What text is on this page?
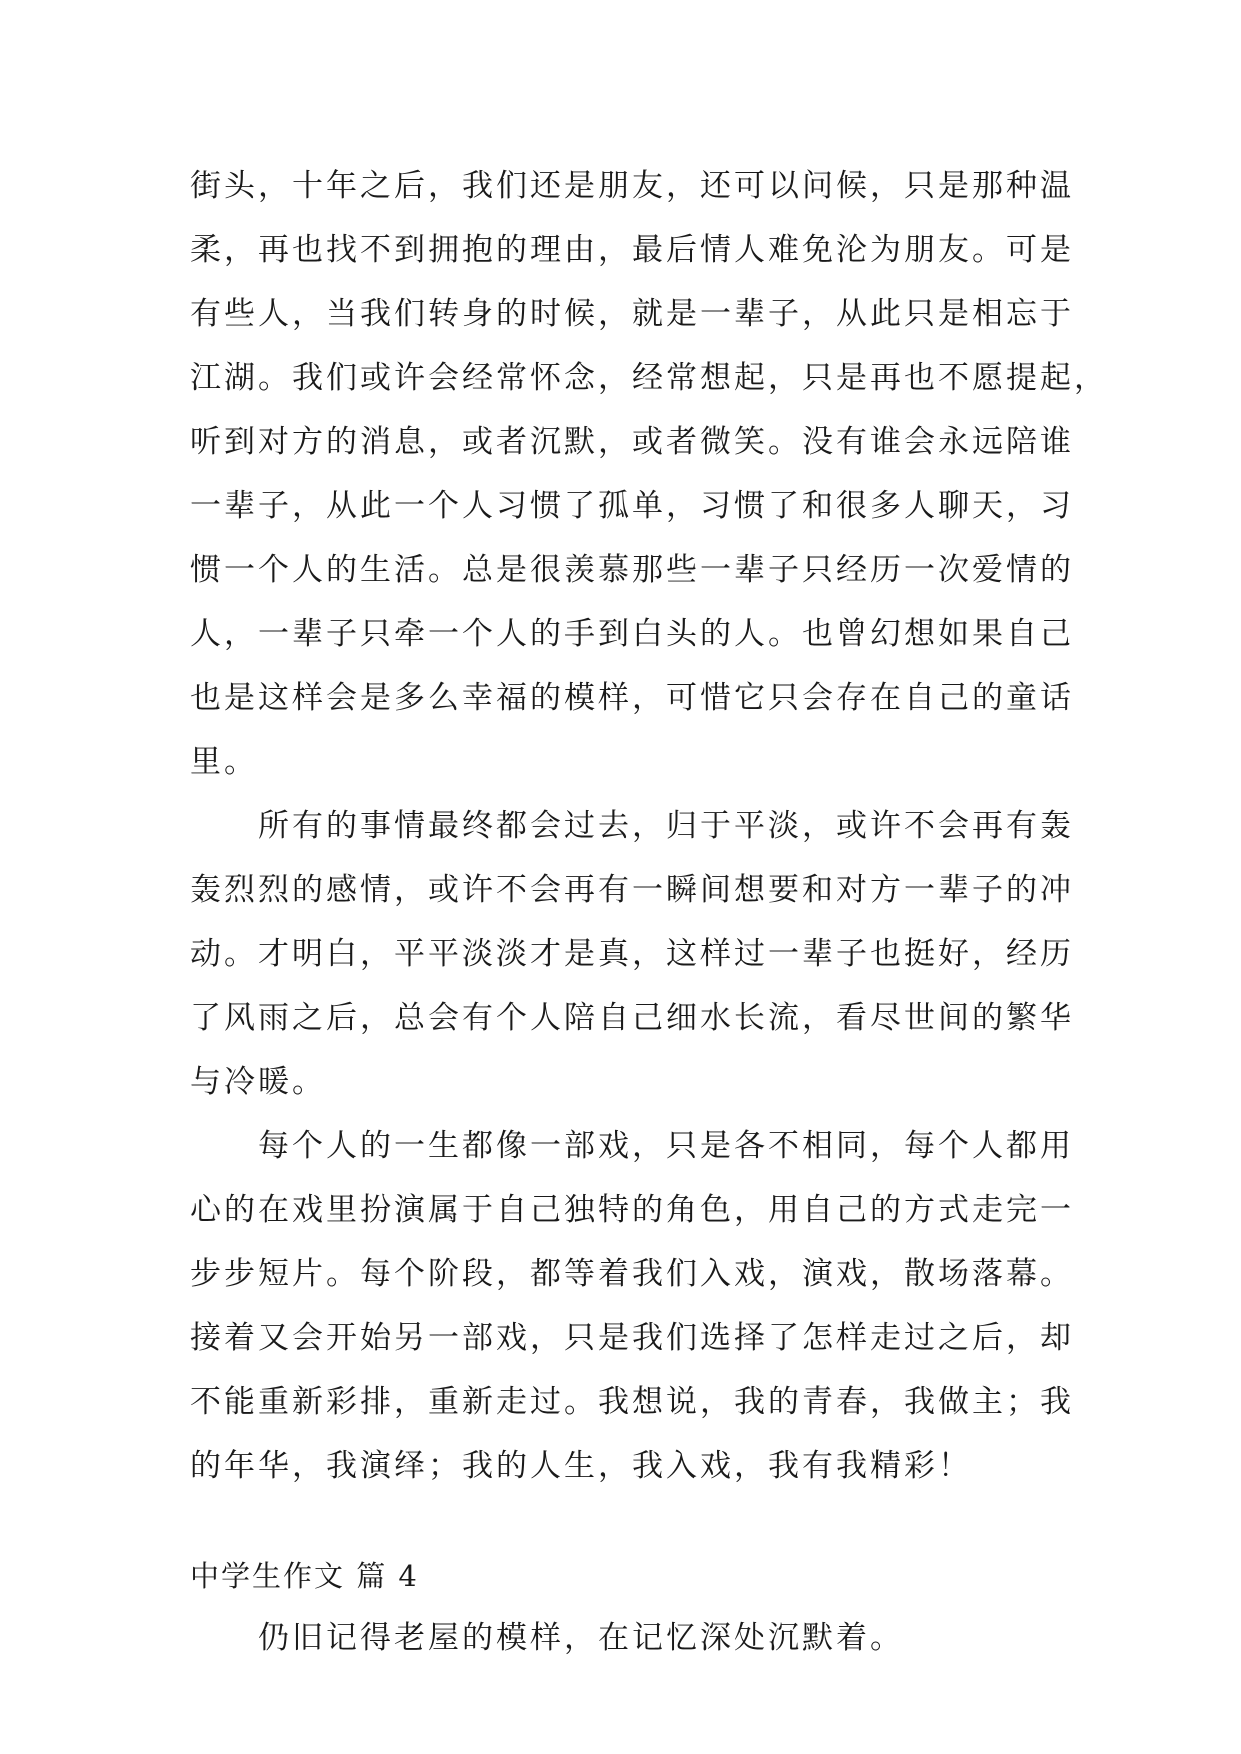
街头，十年之后，我们还是朋友，还可以问候，只是那种温
柔，再也找不到拥抱的理由，最后情人难免沦为朋友。可是
有些人，当我们转身的时候，就是一辈子，从此只是相忘于
江湖。我们或许会经常怀念，经常想起，只是再也不愿提起，
听到对方的消息，或者沉默，或者微笑。没有谁会永远陪谁
一辈子，从此一个人习惯了孤单，习惯了和很多人聊天，习
惯一个人的生活。总是很羡慕那些一辈子只经历一次爱情的
人，一辈子只牵一个人的手到白头的人。也曾幻想如果自己
也是这样会是多么幸福的模样，可惜它只会存在自己的童话
里。
　　所有的事情最终都会过去，归于平淡，或许不会再有轰
轰烈烈的感情，或许不会再有一瞬间想要和对方一辈子的冲
动。才明白，平平淡淡才是真，这样过一辈子也挺好，经历
了风雨之后，总会有个人陪自己细水长流，看尽世间的繁华
与冷暖。
　　每个人的一生都像一部戏，只是各不相同，每个人都用
心的在戏里扮演属于自己独特的角色，用自己的方式走完一
步步短片。每个阶段，都等着我们入戏，演戏，散场落幕。
接着又会开始另一部戏，只是我们选择了怎样走过之后，却
不能重新彩排，重新走过。我想说，我的青春，我做主；我
的年华，我演绎；我的人生，我入戏，我有我精彩！
中学生作文 篇 4
　　仍旧记得老屋的模样，在记忆深处沉默着。
